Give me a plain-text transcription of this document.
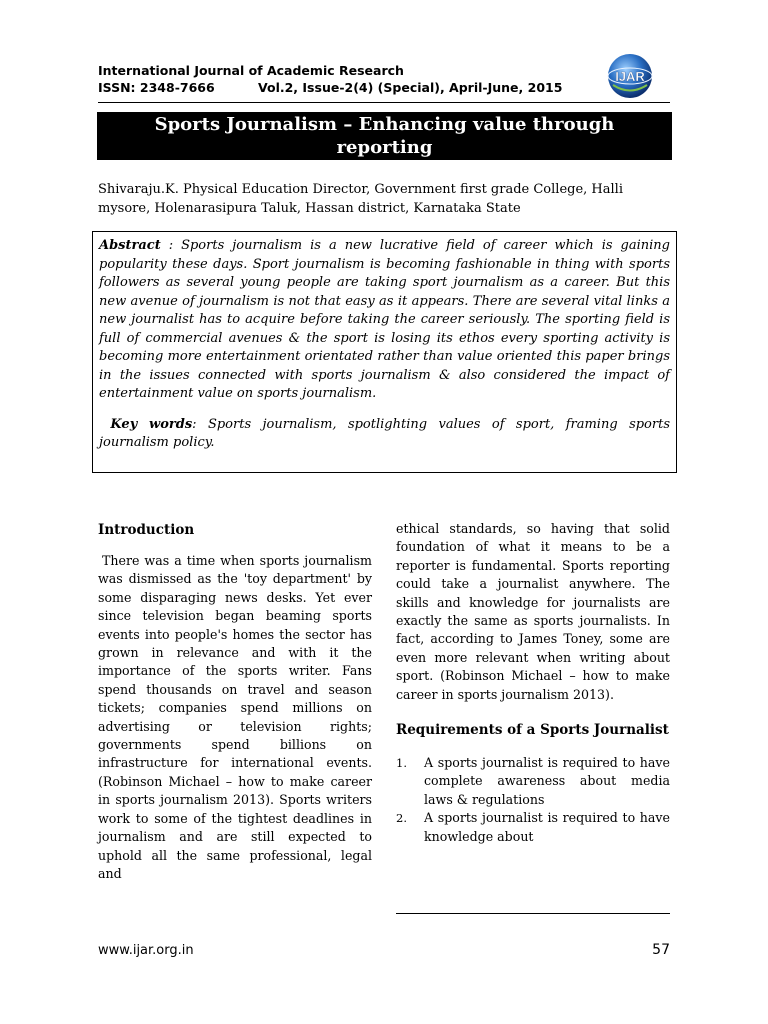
International Journal of Academic Research
ISSN: 2348-7666	Vol.2, Issue-2(4) (Special), April-June, 2015
IJAR
Sports Journalism – Enhancing value through reporting
Shivaraju.K. Physical Education Director, Government first grade College, Halli mysore, Holenarasipura Taluk, Hassan district, Karnataka State

Abstract : Sports journalism is a new lucrative field of career which is gaining popularity these days. Sport journalism is becoming fashionable in thing with sports followers as several young people are taking sport journalism as a career. But this new avenue of journalism is not that easy as it appears. There are several vital links a new journalist has to acquire before taking the career seriously. The sporting field is full of commercial avenues & the sport is losing its ethos every sporting activity is becoming more entertainment orientated rather than value oriented this paper brings in the issues connected with sports journalism & also considered the impact of entertainment value on sports journalism.

Key words: Sports journalism, spotlighting values of sport, framing sports journalism policy.

Introduction

There was a time when sports journalism was dismissed as the 'toy department' by some disparaging news desks. Yet ever since television began beaming sports events into people's homes the sector has grown in relevance and with it the importance of the sports writer. Fans spend thousands on travel and season tickets; companies spend millions on advertising or television rights; governments spend billions on infrastructure for international events. (Robinson Michael – how to make career in sports journalism 2013). Sports writers work to some of the tightest deadlines in journalism and are still expected to uphold all the same professional, legal and

ethical standards, so having that solid foundation of what it means to be a reporter is fundamental. Sports reporting could take a journalist anywhere. The skills and knowledge for journalists are exactly the same as sports journalists. In fact, according to James Toney, some are even more relevant when writing about sport. (Robinson Michael – how to make career in sports journalism 2013).

Requirements of a Sports Journalist
1.	A sports journalist is required to have complete awareness about media laws & regulations
2.	A sports journalist is required to have knowledge about
www.ijar.org.in	57
